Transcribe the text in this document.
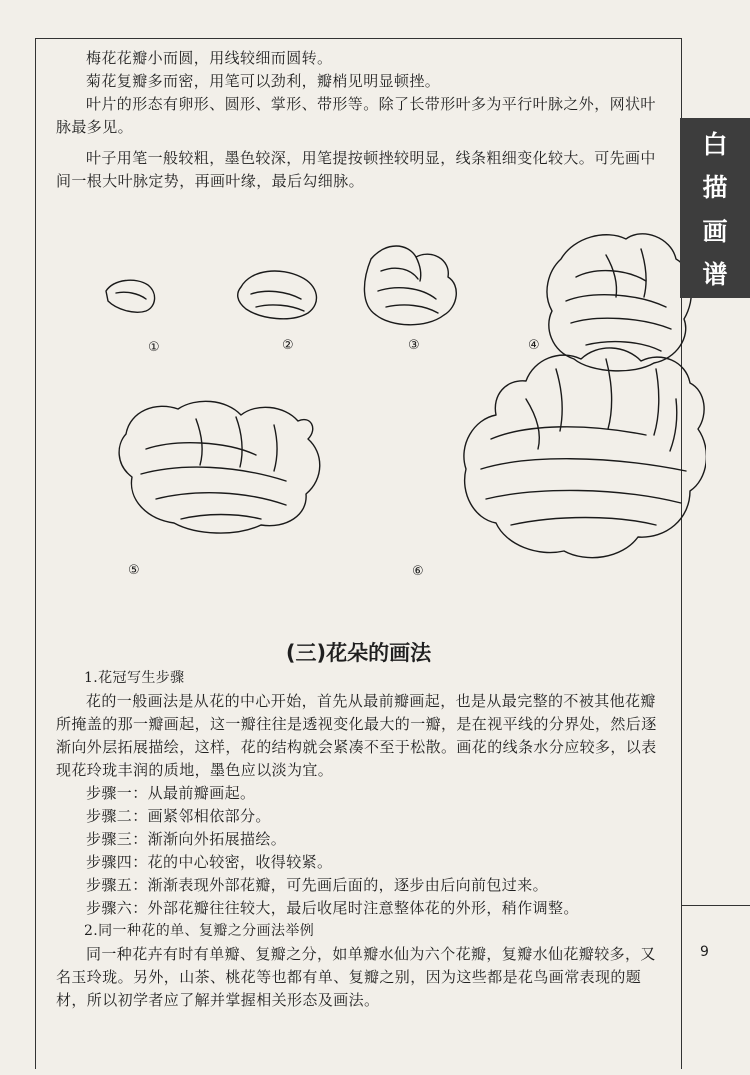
梅花花瓣小而圆，用线较细而圆转。

菊花复瓣多而密，用笔可以劲利，瓣梢见明显顿挫。

叶片的形态有卵形、圆形、掌形、带形等。除了长带形叶多为平行叶脉之外，网状叶脉最多见。

叶子用笔一般较粗，墨色较深，用笔提按顿挫较明显，线条粗细变化较大。可先画中间一根大叶脉定势，再画叶缘，最后勾细脉。

①	②	③	④
⑤	⑥
(三)花朵的画法

1.花冠写生步骤

花的一般画法是从花的中心开始，首先从最前瓣画起，也是从最完整的不被其他花瓣所掩盖的那一瓣画起，这一瓣往往是透视变化最大的一瓣，是在视平线的分界处，然后逐渐向外层拓展描绘，这样，花的结构就会紧凑不至于松散。画花的线条水分应较多，以表现花玲珑丰润的质地，墨色应以淡为宜。

步骤一：从最前瓣画起。

步骤二：画紧邻相依部分。

步骤三：渐渐向外拓展描绘。

步骤四：花的中心较密，收得较紧。

步骤五：渐渐表现外部花瓣，可先画后面的，逐步由后向前包过来。

步骤六：外部花瓣往往较大，最后收尾时注意整体花的外形，稍作调整。

2.同一种花的单、复瓣之分画法举例

同一种花卉有时有单瓣、复瓣之分，如单瓣水仙为六个花瓣，复瓣水仙花瓣较多，又名玉玲珑。另外，山茶、桃花等也都有单、复瓣之别，因为这些都是花鸟画常表现的题材，所以初学者应了解并掌握相关形态及画法。

白
描
画
谱
9
